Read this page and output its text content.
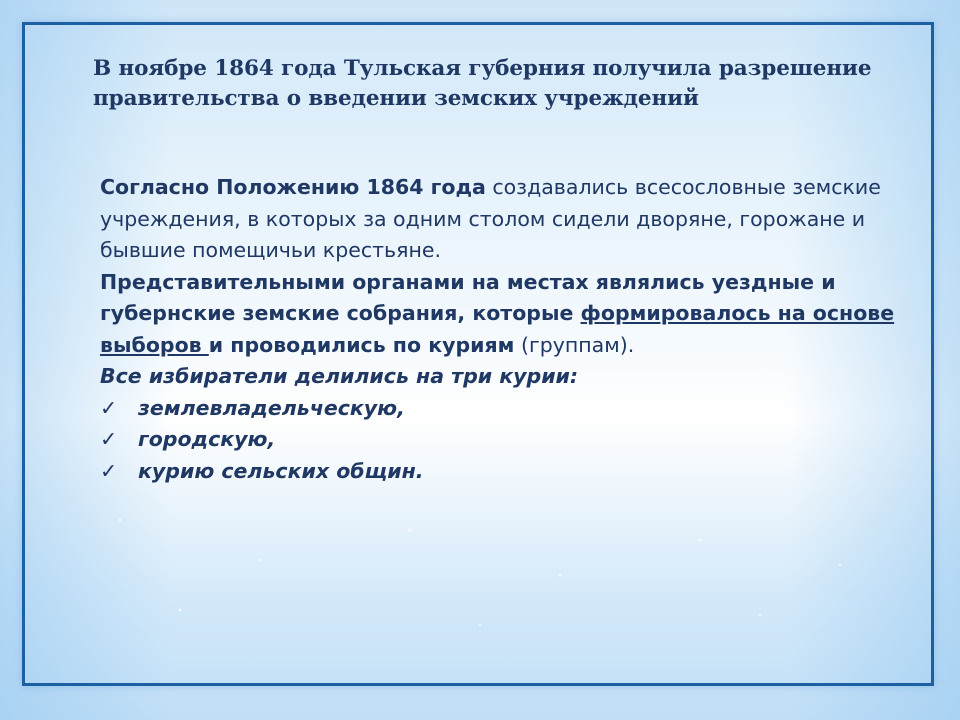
В ноябре 1864 года Тульская губерния получила разрешение правительства о введении земских учреждений

Согласно Положению 1864 года создавались всесословные земские учреждения, в которых за одним столом сидели дворяне, горожане и бывшие помещичьи крестьяне.

Представительными органами на местах являлись уездные и губернские земские собрания, которые формировалось на основе выборов и проводились по куриям (группам).

Все избиратели делились на три курии:

✓	землевладельческую,
✓	городскую,
✓	курию сельских общин.
